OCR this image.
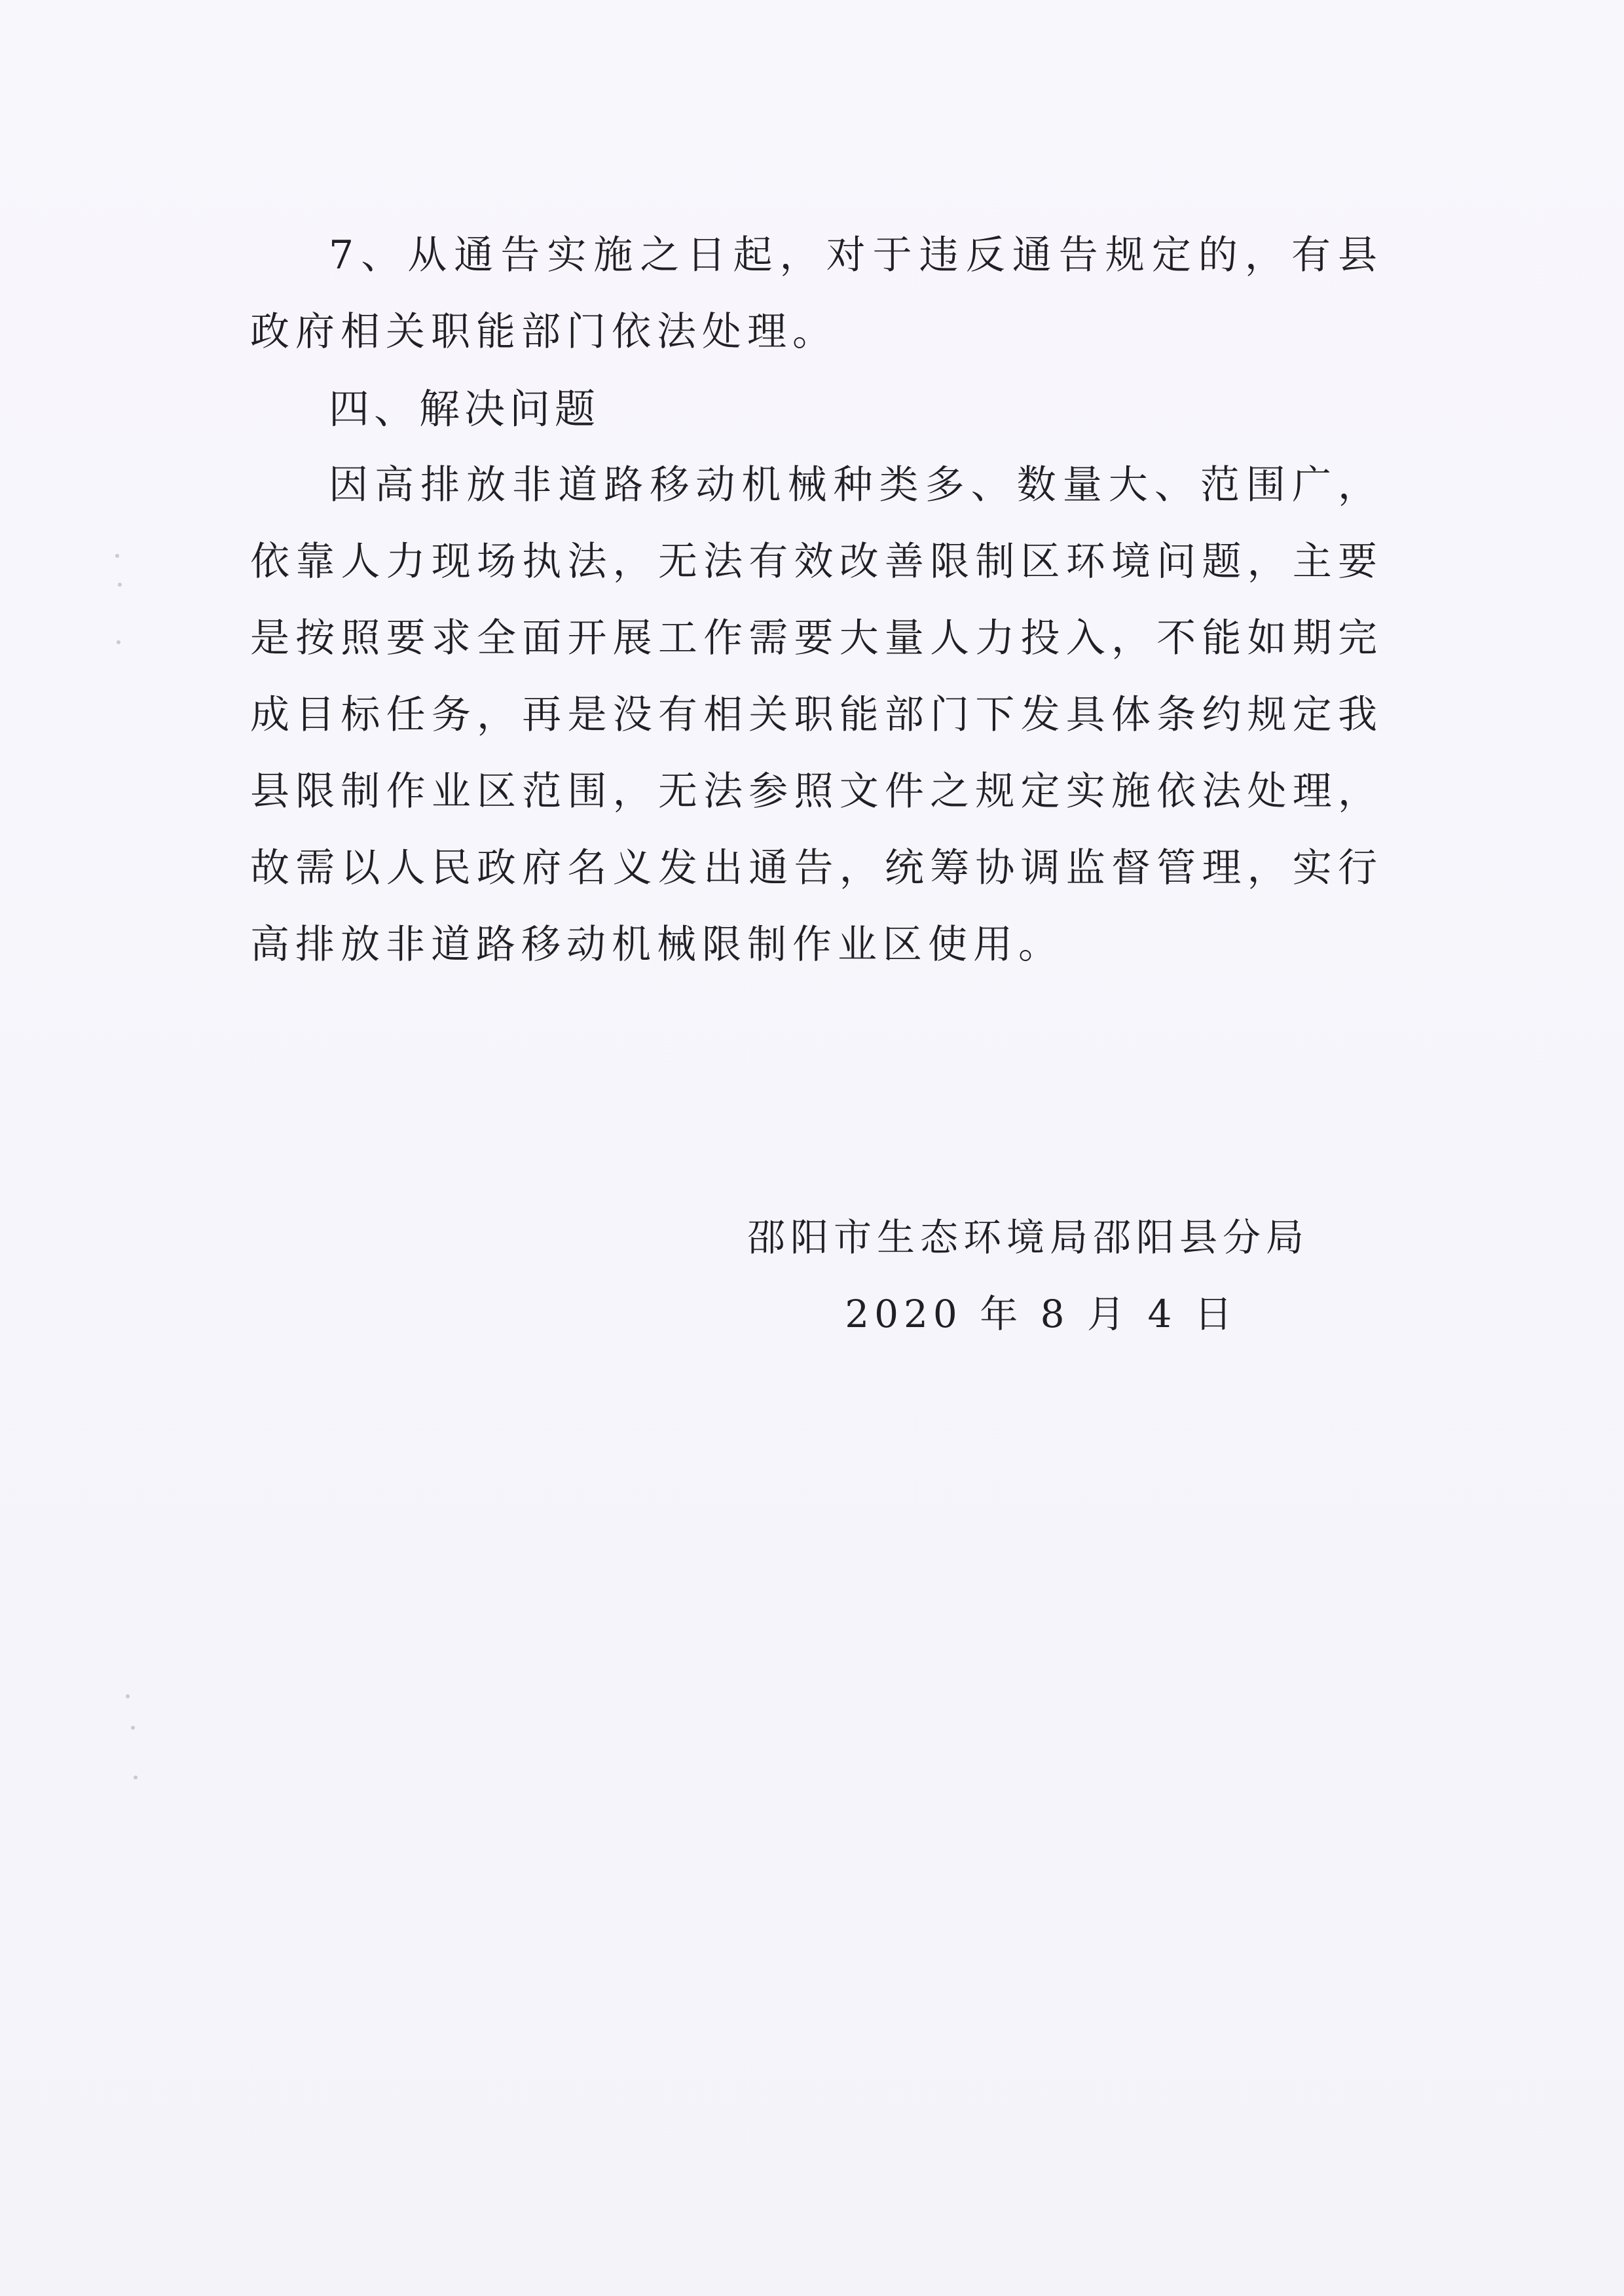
7、从通告实施之日起，对于违反通告规定的，有县政府相关职能部门依法处理。

四、解决问题

因高排放非道路移动机械种类多、数量大、范围广，依靠人力现场执法，无法有效改善限制区环境问题，主要是按照要求全面开展工作需要大量人力投入，不能如期完成目标任务，再是没有相关职能部门下发具体条约规定我县限制作业区范围，无法参照文件之规定实施依法处理，故需以人民政府名义发出通告，统筹协调监督管理，实行高排放非道路移动机械限制作业区使用。

邵阳市生态环境局邵阳县分局

2020 年 8 月 4 日
